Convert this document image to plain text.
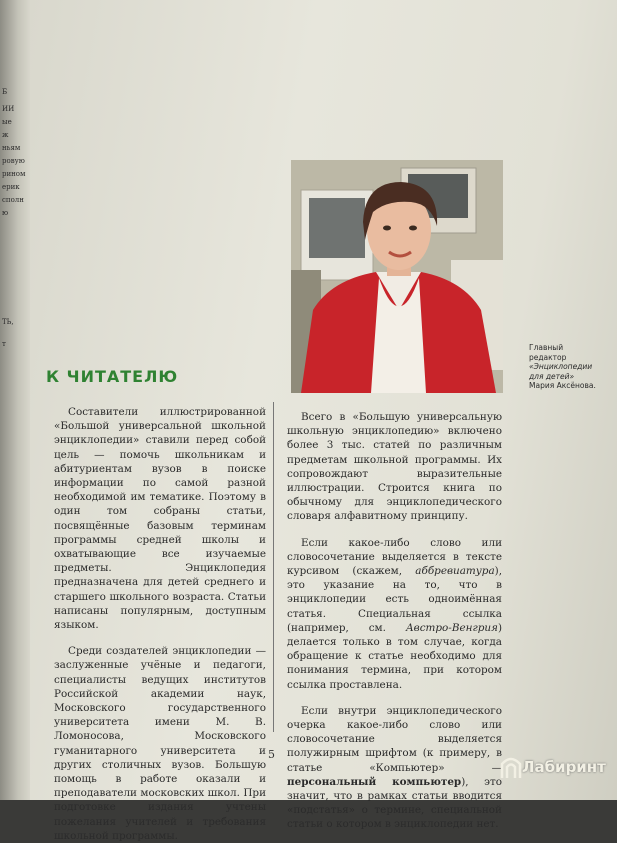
Б
ИИ
ые
ж
ньям
ровую
рином
ерик
сполн
ю
ТЬ,
т	Главный
редактор
«Энциклопедии
для детей»
Мария Аксёнова.
К ЧИТАТЕЛЮ

Составители иллюстрированной «Большой универсальной школьной энциклопедии» ставили перед собой цель — помочь школьникам и абитуриентам вузов в поиске информации по самой разной необходимой им тематике. Поэтому в один том собраны статьи, посвящённые базовым терминам программы средней школы и охватывающие все изучаемые предметы. Энциклопедия предназначена для детей среднего и старшего школьного возраста. Статьи написаны популярным, доступным языком.

Среди создателей энциклопедии — заслуженные учёные и педагоги, специалисты ведущих институтов Российской академии наук, Московского государственного университета имени М. В. Ломоносова, Московского гуманитарного университета и других столичных вузов. Большую помощь в работе оказали и преподаватели московских школ. При подготовке издания учтены пожелания учителей и требования школьной программы.

Всего в «Большую универсальную школьную энциклопедию» включено более 3 тыс. статей по различным предметам школьной программы. Их сопровождают выразительные иллюстрации. Строится книга по обычному для энциклопедического словаря алфавитному принципу.

Если какое-либо слово или словосочетание выделяется в тексте курсивом (скажем, аббревиатура), это указание на то, что в энциклопедии есть одноимённая статья. Специальная ссылка (например, см. Австро-Венгрия) делается только в том случае, когда обращение к статье необходимо для понимания термина, при котором ссылка проставлена.

Если внутри энциклопедического очерка какое-либо слово или словосочетание выделяется полужирным шрифтом (к примеру, в статье «Компьютер» — персональный компьютер), это значит, что в рамках статьи вводится «подстатья» о термине, специальной статьи о котором в энциклопедии нет.

5
Лабиринт
